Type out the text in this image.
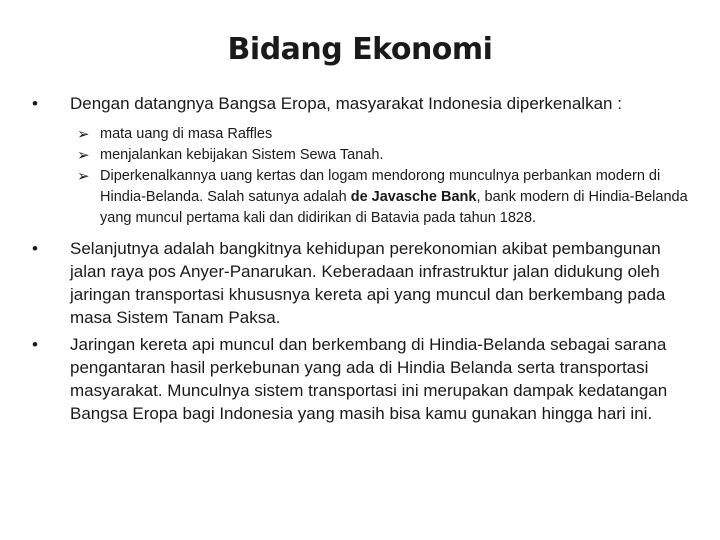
Bidang Ekonomi
• Dengan datangnya Bangsa Eropa, masyarakat Indonesia diperkenalkan :
➢ mata uang di masa Raffles
➢ menjalankan kebijakan Sistem Sewa Tanah.
➢ Diperkenalkannya uang kertas dan logam mendorong munculnya perbankan modern di Hindia-Belanda. Salah satunya adalah de Javasche Bank, bank modern di Hindia-Belanda yang muncul pertama kali dan didirikan di Batavia pada tahun 1828.
• Selanjutnya adalah bangkitnya kehidupan perekonomian akibat pembangunan jalan raya pos Anyer-Panarukan. Keberadaan infrastruktur jalan didukung oleh jaringan transportasi khususnya kereta api yang muncul dan berkembang pada masa Sistem Tanam Paksa.
• Jaringan kereta api muncul dan berkembang di Hindia-Belanda sebagai sarana pengantaran hasil perkebunan yang ada di Hindia Belanda serta transportasi masyarakat. Munculnya sistem transportasi ini merupakan dampak kedatangan Bangsa Eropa bagi Indonesia yang masih bisa kamu gunakan hingga hari ini.
